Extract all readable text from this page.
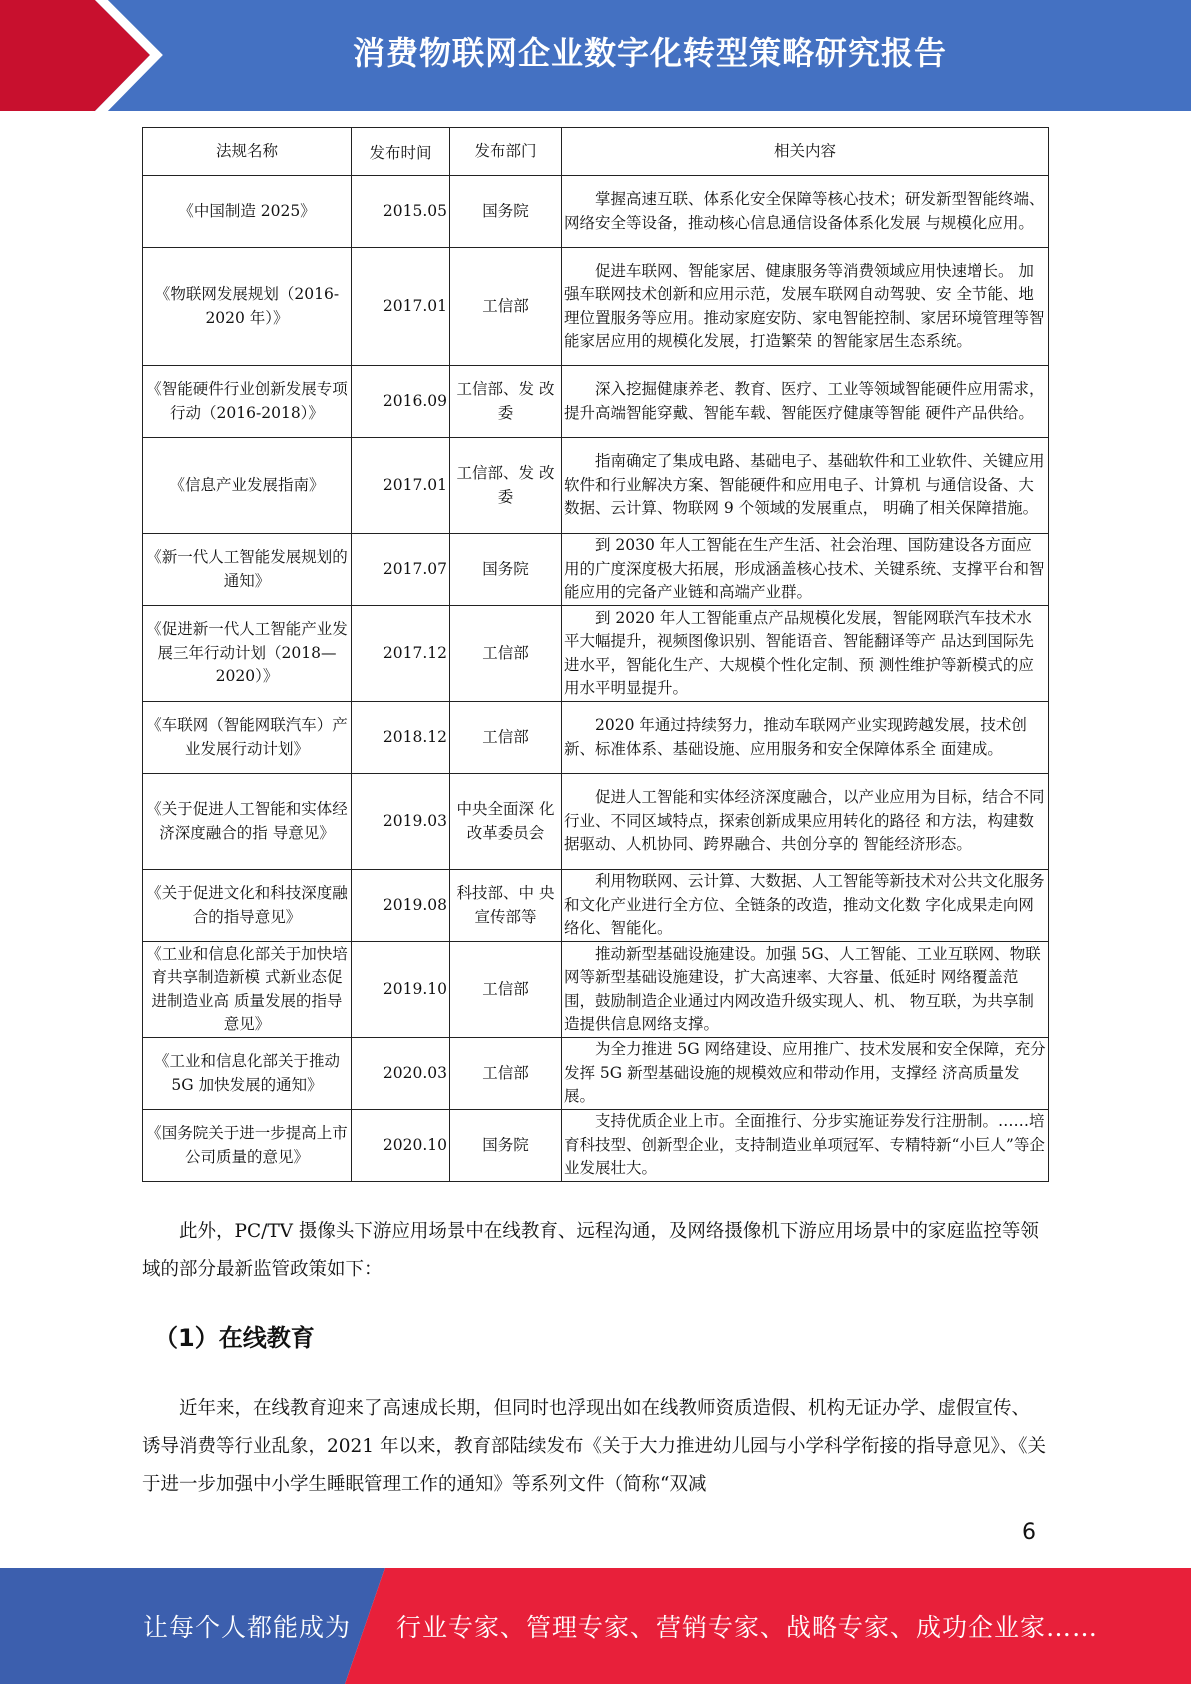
消费物联网企业数字化转型策略研究报告
法规名称	发布时间	发布部门	相关内容
《中国制造 2025》	2015.05	国务院	掌握高速互联、体系化安全保障等核心技术；研发新型智能终端、网络安全等设备，推动核心信息通信设备体系化发展 与规模化应用。
《物联网发展规划（2016-2020 年）》	2017.01	工信部	促进车联网、智能家居、健康服务等消费领域应用快速增长。 加强车联网技术创新和应用示范，发展车联网自动驾驶、安 全节能、地理位置服务等应用。推动家庭安防、家电智能控制、家居环境管理等智能家居应用的规模化发展，打造繁荣 的智能家居生态系统。
《智能硬件行业创新发展专项行动（2016-2018）》	2016.09	工信部、发 改委	深入挖掘健康养老、教育、医疗、工业等领域智能硬件应用需求，提升高端智能穿戴、智能车载、智能医疗健康等智能 硬件产品供给。
《信息产业发展指南》	2017.01	工信部、发 改委	指南确定了集成电路、基础电子、基础软件和工业软件、关键应用软件和行业解决方案、智能硬件和应用电子、计算机 与通信设备、大数据、云计算、物联网 9 个领域的发展重点， 明确了相关保障措施。
《新一代人工智能发展规划的通知》	2017.07	国务院	到 2030 年人工智能在生产生活、社会治理、国防建设各方面应用的广度深度极大拓展，形成涵盖核心技术、关键系统、支撑平台和智能应用的完备产业链和高端产业群。
《促进新一代人工智能产业发展三年行动计划（2018—2020）》	2017.12	工信部	到 2020 年人工智能重点产品规模化发展，智能网联汽车技术水平大幅提升，视频图像识别、智能语音、智能翻译等产 品达到国际先进水平，智能化生产、大规模个性化定制、预 测性维护等新模式的应用水平明显提升。
《车联网（智能网联汽车）产业发展行动计划》	2018.12	工信部	2020 年通过持续努力，推动车联网产业实现跨越发展，技术创新、标准体系、基础设施、应用服务和安全保障体系全 面建成。
《关于促进人工智能和实体经济深度融合的指 导意见》	2019.03	中央全面深 化改革委员会	促进人工智能和实体经济深度融合，以产业应用为目标，结合不同行业、不同区域特点，探索创新成果应用转化的路径 和方法，构建数据驱动、人机协同、跨界融合、共创分享的 智能经济形态。
《关于促进文化和科技深度融合的指导意见》	2019.08	科技部、中 央宣传部等	利用物联网、云计算、大数据、人工智能等新技术对公共文化服务和文化产业进行全方位、全链条的改造，推动文化数 字化成果走向网络化、智能化。
《工业和信息化部关于加快培育共享制造新模 式新业态促进制造业高 质量发展的指导意见》	2019.10	工信部	推动新型基础设施建设。加强 5G、人工智能、工业互联网、物联网等新型基础设施建设，扩大高速率、大容量、低延时 网络覆盖范围，鼓励制造企业通过内网改造升级实现人、机、 物互联，为共享制造提供信息网络支撑。
《工业和信息化部关于推动 5G 加快发展的通知》	2020.03	工信部	为全力推进 5G 网络建设、应用推广、技术发展和安全保障，充分发挥 5G 新型基础设施的规模效应和带动作用，支撑经 济高质量发展。
《国务院关于进一步提高上市公司质量的意见》	2020.10	国务院	支持优质企业上市。全面推行、分步实施证券发行注册制。……培育科技型、创新型企业，支持制造业单项冠军、专精特新“小巨人”等企业发展壮大。
此外，PC/TV 摄像头下游应用场景中在线教育、远程沟通，及网络摄像机下游应用场景中的家庭监控等领域的部分最新监管政策如下：
（1）在线教育
近年来，在线教育迎来了高速成长期，但同时也浮现出如在线教师资质造假、机构无证办学、虚假宣传、诱导消费等行业乱象，2021 年以来，教育部陆续发布《关于大力推进幼儿园与小学科学衔接的指导意见》、《关于进一步加强中小学生睡眠管理工作的通知》等系列文件（简称“双减
6
让每个人都能成为 行业专家、管理专家、营销专家、战略专家、成功企业家……
